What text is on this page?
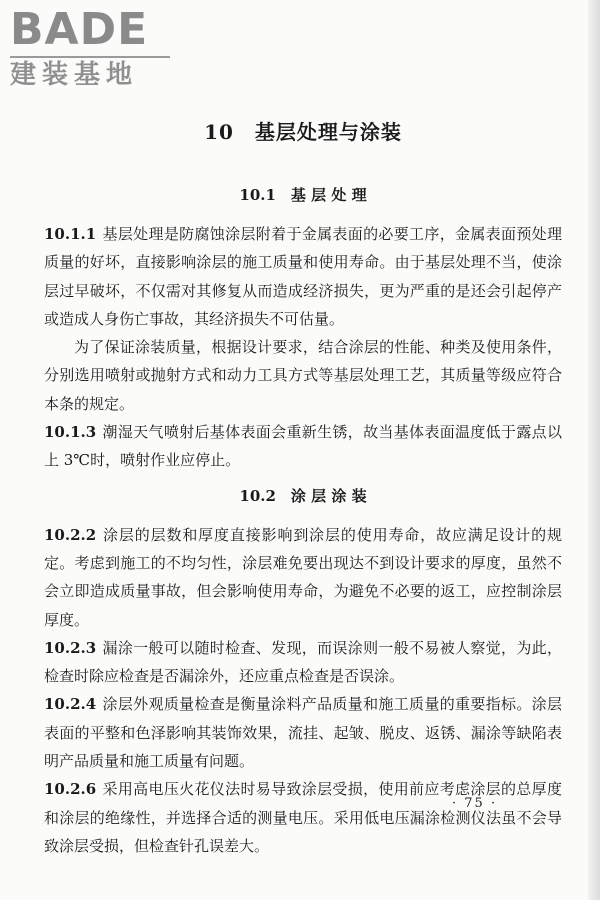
BADE
建装基地
10　基层处理与涂装
10.1　基 层 处 理

10.1.1 基层处理是防腐蚀涂层附着于金属表面的必要工序，金属表面预处理质量的好坏，直接影响涂层的施工质量和使用寿命。由于基层处理不当，使涂层过早破坏，不仅需对其修复从而造成经济损失，更为严重的是还会引起停产或造成人身伤亡事故，其经济损失不可估量。

为了保证涂装质量，根据设计要求，结合涂层的性能、种类及使用条件，分别选用喷射或抛射方式和动力工具方式等基层处理工艺，其质量等级应符合本条的规定。

10.1.3 潮湿天气喷射后基体表面会重新生锈，故当基体表面温度低于露点以上 3℃时，喷射作业应停止。

10.2　涂 层 涂 装

10.2.2 涂层的层数和厚度直接影响到涂层的使用寿命，故应满足设计的规定。考虑到施工的不均匀性，涂层难免要出现达不到设计要求的厚度，虽然不会立即造成质量事故，但会影响使用寿命，为避免不必要的返工，应控制涂层厚度。

10.2.3 漏涂一般可以随时检查、发现，而误涂则一般不易被人察觉，为此，检查时除应检查是否漏涂外，还应重点检查是否误涂。

10.2.4 涂层外观质量检查是衡量涂料产品质量和施工质量的重要指标。涂层表面的平整和色泽影响其装饰效果，流挂、起皱、脱皮、返锈、漏涂等缺陷表明产品质量和施工质量有问题。

10.2.6 采用高电压火花仪法时易导致涂层受损，使用前应考虑涂层的总厚度和涂层的绝缘性，并选择合适的测量电压。采用低电压漏涂检测仪法虽不会导致涂层受损，但检查针孔误差大。

· 75 ·
